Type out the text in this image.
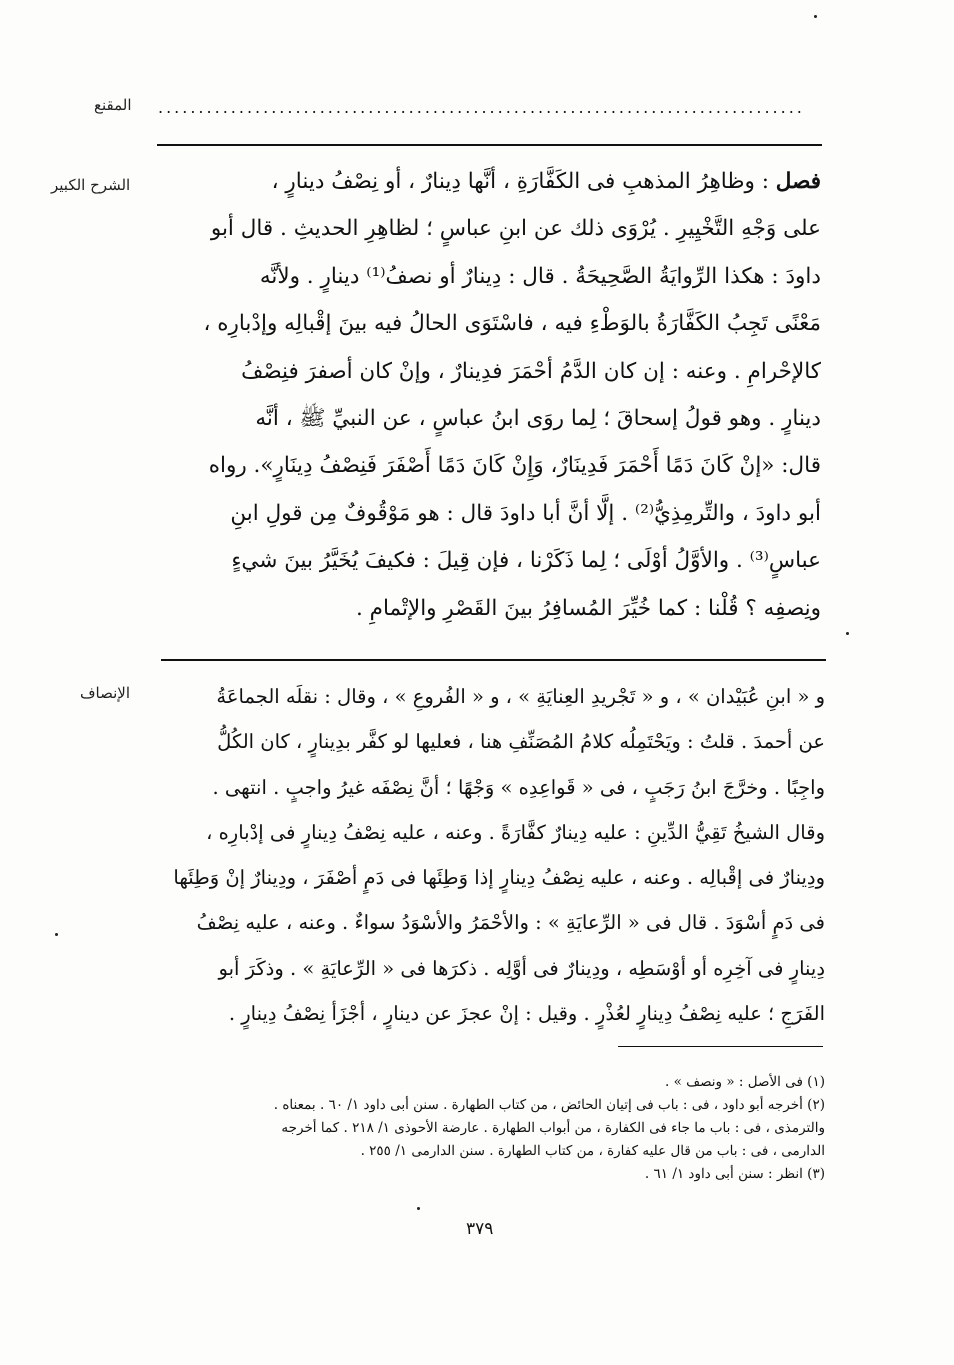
المقنع ................................................................................
الشرح الكبير	فصل : وظاهِرُ المذهبِ فى الكَفَّارَةِ ، أنَّها دِينارٌ ، أو نِصْفُ دينارٍ ،
على وَجْهِ التَّخْيِيرِ . يُرْوَى ذلك عن ابنِ عباسٍ ؛ لظاهِرِ الحديثِ . قال أبو
داودَ : هكذا الرِّوايَةُ الصَّحِيحَةُ . قال : دِينارٌ أو نصفُ⁽¹⁾ دينارٍ . ولأنَّه
مَعْنًى تَجِبُ الكَفَّارَةُ بالوَطْءِ فيه ، فاسْتَوَى الحالُ فيه بينَ إقْبالِه وإدْبارِه ،
كالإحْرامِ . وعنه : إن كان الدَّمُ أحْمَرَ فدِينارٌ ، وإنْ كان أصفرَ فنِصْفُ
دينارٍ . وهو قولُ إسحاقَ ؛ لِما روَى ابنُ عباسٍ ، عن النبيِّ ﷺ ، أنَّه
قال: «إنْ كَانَ دَمًا أَحْمَرَ فَدِينَارٌ، وَإِنْ كَانَ دَمًا أَصْفَرَ فَنِصْفُ دِينَارٍ». رواه
أبو داودَ ، والتِّرمِذِيُّ⁽²⁾ . إلَّا أنَّ أبا داودَ قال : هو مَوْقُوفٌ مِن قولِ ابنِ
عباسٍ⁽³⁾ . والأوَّلُ أوْلَى ؛ لِما ذَكَرْنا ، فإن قِيلَ : فكيفَ يُخَيَّرُ بينَ شيءٍ
ونِصفِه ؟ قُلْنا : كما خُيِّرَ المُسافِرُ بينَ القَصْرِ والإتْمامِ .
الإنصاف	و « ابنِ عُبَيْدان » ، و « تَجْريدِ العِنايَةِ » ، و « الفُروعِ » ، وقال : نقلَه الجماعَةُ
عن أحمدَ . قلتُ : ويَحْتَمِلُه كلامُ المُصَنِّفِ هنا ، فعليها لو كفَّر بدِينارٍ ، كان الكُلُّ
واجِبًا . وخرَّجَ ابنُ رَجَبٍ ، فى « قَواعِدِه » وَجْهًا ؛ أنَّ نِصْفَه غيرُ واجبٍ . انتهى .
وقال الشيخُ تَقِيُّ الدِّينِ : عليه دِينارٌ كفَّارَةً . وعنه ، عليه نِصْفُ دِينارٍ فى إدْبارِه ،
ودِينارٌ فى إقْبالِه . وعنه ، عليه نِصْفُ دِينارٍ إذا وَطِئَها فى دَمٍ أصْفَرَ ، ودِينارٌ إنْ وَطِئَها
فى دَمٍ أسْوَدَ . قال فى « الرِّعايَةِ » : والأحْمَرُ والأسْوَدُ سواءٌ . وعنه ، عليه نِصْفُ
دِينارٍ فى آخِرِه أو أوْسَطِه ، ودِينارٌ فى أوَّلِه . ذكرَها فى « الرِّعايَةِ » . وذكَرَ أبو
الفَرَجِ ؛ عليه نِصْفُ دِينارٍ لعُذْرٍ . وقيل : إنْ عجزَ عن دينارٍ ، أجْزَأ نِصْفُ دِينارٍ .
(١) فى الأصل : « ونصف » .
(٢) أخرجه أبو داود ، فى : باب فى إتيان الحائض ، من كتاب الطهارة . سنن أبى داود ١/ ٦٠ . بمعناه .
والترمذى ، فى : باب ما جاء فى الكفارة ، من أبواب الطهارة . عارضة الأحوذى ١/ ٢١٨ . كما أخرجه
الدارمى ، فى : باب من قال عليه كفارة ، من كتاب الطهارة . سنن الدارمى ١/ ٢٥٥ .
(٣) انظر : سنن أبى داود ١/ ٦١ .
٣٧٩
